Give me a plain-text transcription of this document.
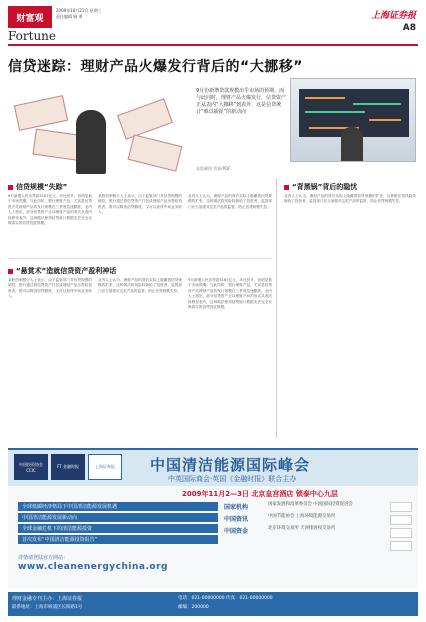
财富观
2009年10月21日 星期三
责任编辑 顾 勇
Fortune
上海证券报
A8
信贷迷踪：理财产品火爆发行背后的“大挪移”
9月份新增贷款规模出乎市场的预期，而与此同时，理财产品火爆发行，信贷资产正从表内“大挪移”到表外，这是信贷统计“难以捕捉”的新动向
本版制图 管新/PDF
信贷规模“失踪”
9月新增人民币贷款5167亿元，环比回升，但明显低于市场预期。与此同时，银行理财产品，尤其是信贷资产类理财产品的发行规模在三季度急速膨胀，业内人士指出，部分信贷资产正以理财产品的形式从表内转移至表外，这种做法使得信贷统计数据无法完全反映真实的信贷投放规模。
某股份制银行人士表示，由于监管部门对信贷规模的调控，银行通过将信贷资产打包成理财产品出售给投资者，既可以释放信贷额度，又可以获得中间业务收入。
业内人士认为，理财产品的背后实际上隐藏着信贷规模的扩张，这种做法将风险转嫁给了投资者，监管部门应当加强对这类产品的监管，防止信贷规模失控。
“悬赏术”造就信贷资产盈利神话
某股份制银行人士表示，由于监管部门对信贷规模的调控，银行通过将信贷资产打包成理财产品出售给投资者，既可以释放信贷额度，又可以获得中间业务收入。
业内人士认为，理财产品的背后实际上隐藏着信贷规模的扩张，这种做法将风险转嫁给了投资者，监管部门应当加强对这类产品的监管，防止信贷规模失控。
9月新增人民币贷款5167亿元，环比回升，但明显低于市场预期。与此同时，银行理财产品，尤其是信贷资产类理财产品的发行规模在三季度急速膨胀，业内人士指出，部分信贷资产正以理财产品的形式从表内转移至表外，这种做法使得信贷统计数据无法完全反映真实的信贷投放规模。
“背黑锅”背后的隐忧
业内人士认为，理财产品的背后实际上隐藏着信贷规模的扩张，这种做法将风险转嫁给了投资者，监管部门应当加强对这类产品的监管，防止信贷规模失控。
中国投资协会 CCIC
FT 金融时报	上海证券报	中国清洁能源国际峰会
中英国际商会·英国《金融时报》联合主办
2009年11月2—3日 北京皇宫酒店 锁泰中心九层
全球低碳经济格局下中国清洁能源发展机遇
中国清洁能源发展新动向
全球金融危机下的清洁能源投资
首次发布“中国清洁能源投资报告”
国家机构	国家发展和改革委员会 中国国际投资促进会
中国资讯	中国节能协会 上海环境能源交易所
中国资金	北京环境交易所 天津排放权交易所
详情请登陆官方网站：
www.cleanenergychina.org
理财金融专刊主办：上海证券报
联系地址：上海市杨浦区长阳路1号
电话：021-00000000 传真：021-00000000
邮编：200000
